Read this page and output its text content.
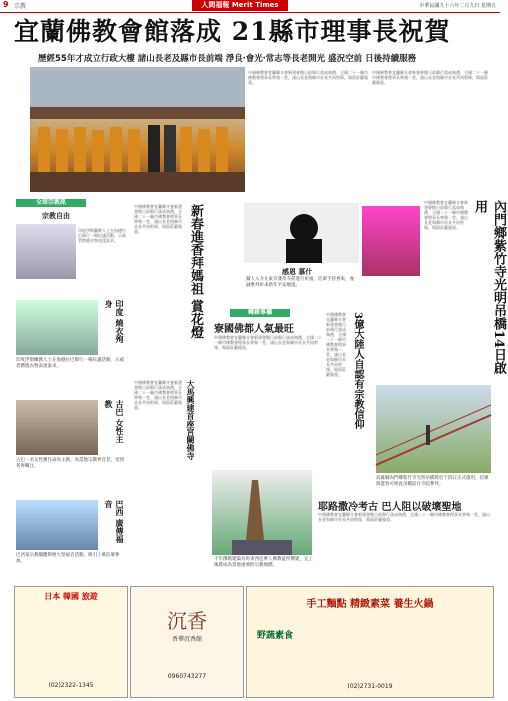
9 宗教	人間福報 Merit Times	中華民國九十六年二月九日 星期五
宜蘭佛教會館落成 21縣市理事長祝賀
歷經55年才成立行政大樓 諸山長老及縣市長前端 淨良‧會光‧常志等長老開光 盛況空前 日後持續服務
中國佛教會宜蘭縣支會新建會館日前舉行落成典禮，全國二十一縣市佛教會理事長齊聚一堂，諸山長老與縣市首長共同剪綵，場面莊嚴隆重。
中國佛教會宜蘭縣支會新建會館日前舉行落成典禮，全國二十一縣市佛教會理事長齊聚一堂，諸山長老與縣市首長共同剪綵，場面莊嚴隆重。
全球宗教訊
宗教自由
印度伊斯蘭教人士在海德拉巴舉行一場抗議活動，示威者燃燒衣物表達訴求。
印度 燒衣殉身
印度伊斯蘭教人士在海德拉巴舉行一場抗議活動，示威者燃燒衣物表達訴求。
古巴 女性主教
古巴一名女性獲任命為主教，為當地宗教界首見，受到各界關注。
巴西 廣傳福音
巴西某宗教團體舉辦大型福音活動，吸引上萬信眾參加。
新春進香拜媽祖 賞花燈
中國佛教會宜蘭縣支會新建會館日前舉行落成典禮，全國二十一縣市佛教會理事長齊聚一堂，諸山長老與縣市首長共同剪綵，場面莊嚴隆重。
感恩 慕什
歸人入寺在東京淺草寺前進行祈福，信眾手持香束，虔誠參拜祈求新年平安順遂。
轉錄專欄
寮國佛都人氣最旺
中國佛教會宜蘭縣支會新建會館日前舉行落成典禮，全國二十一縣市佛教會理事長齊聚一堂，諸山長老與縣市首長共同剪綵，場面莊嚴隆重。	3億大陸人自認有宗教信仰
中國佛教會宜蘭縣支會新建會館日前舉行落成典禮，全國二十一縣市佛教會理事長齊聚一堂，諸山長老與縣市首長共同剪綵，場面莊嚴隆重。
大馬興建首座宮闕佛寺
中國佛教會宜蘭縣支會新建會館日前舉行落成典禮，全國二十一縣市佛教會理事長齊聚一堂，諸山長老與縣市首長共同剪綵，場面莊嚴隆重。
千年佛塔建築為馬來西亞華人佛教徒所興建，完工後將成為當地重要的宗教地標。
內門鄉紫竹寺光明吊橋14日啟用
中國佛教會宜蘭縣支會新建會館日前舉行落成典禮，全國二十一縣市佛教會理事長齊聚一堂，諸山長老與縣市首長共同剪綵，場面莊嚴隆重。
高雄縣內門鄉紫竹寺光明吊橋將於十四日正式啟用，信眾與遊客可經此吊橋前往寺院參拜。
耶路撒冷考古 巴人阻以破壞聖地
中國佛教會宜蘭縣支會新建會館日前舉行落成典禮，全國二十一縣市佛教會理事長齊聚一堂，諸山長老與縣市首長共同剪綵，場面莊嚴隆重。
日本 韓國 旅遊
(02)2322-1345
沉香
香華沉香館
0960743277
手工麵點 精緻素菜 養生火鍋
野蔬素食
(02)2731-0019
